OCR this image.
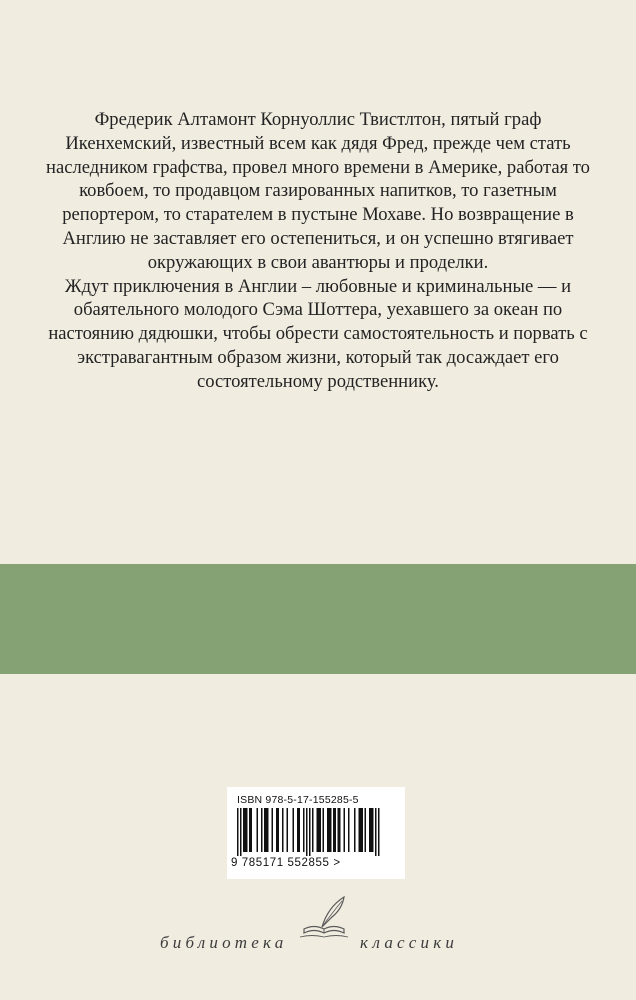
Фредерик Алтамонт Корнуоллис Твистлтон, пятый граф Икенхемский, известный всем как дядя Фред, прежде чем стать наследником графства, провел много времени в Америке, работая то ковбоем, то продавцом газированных напитков, то газетным репортером, то старателем в пустыне Мохаве. Но возвращение в Англию не заставляет его остепениться, и он успешно втягивает окружающих в свои авантюры и проделки.

Ждут приключения в Англии – любовные и криминальные — и обаятельного молодого Сэма Шоттера, уехавшего за океан по настоянию дядюшки, чтобы обрести самостоятельность и порвать с экстравагантным образом жизни, который так досаждает его состоятельному родственнику.

ISBN 978-5-17-155285-5
9 785171 552855 >
библиотека	классики
